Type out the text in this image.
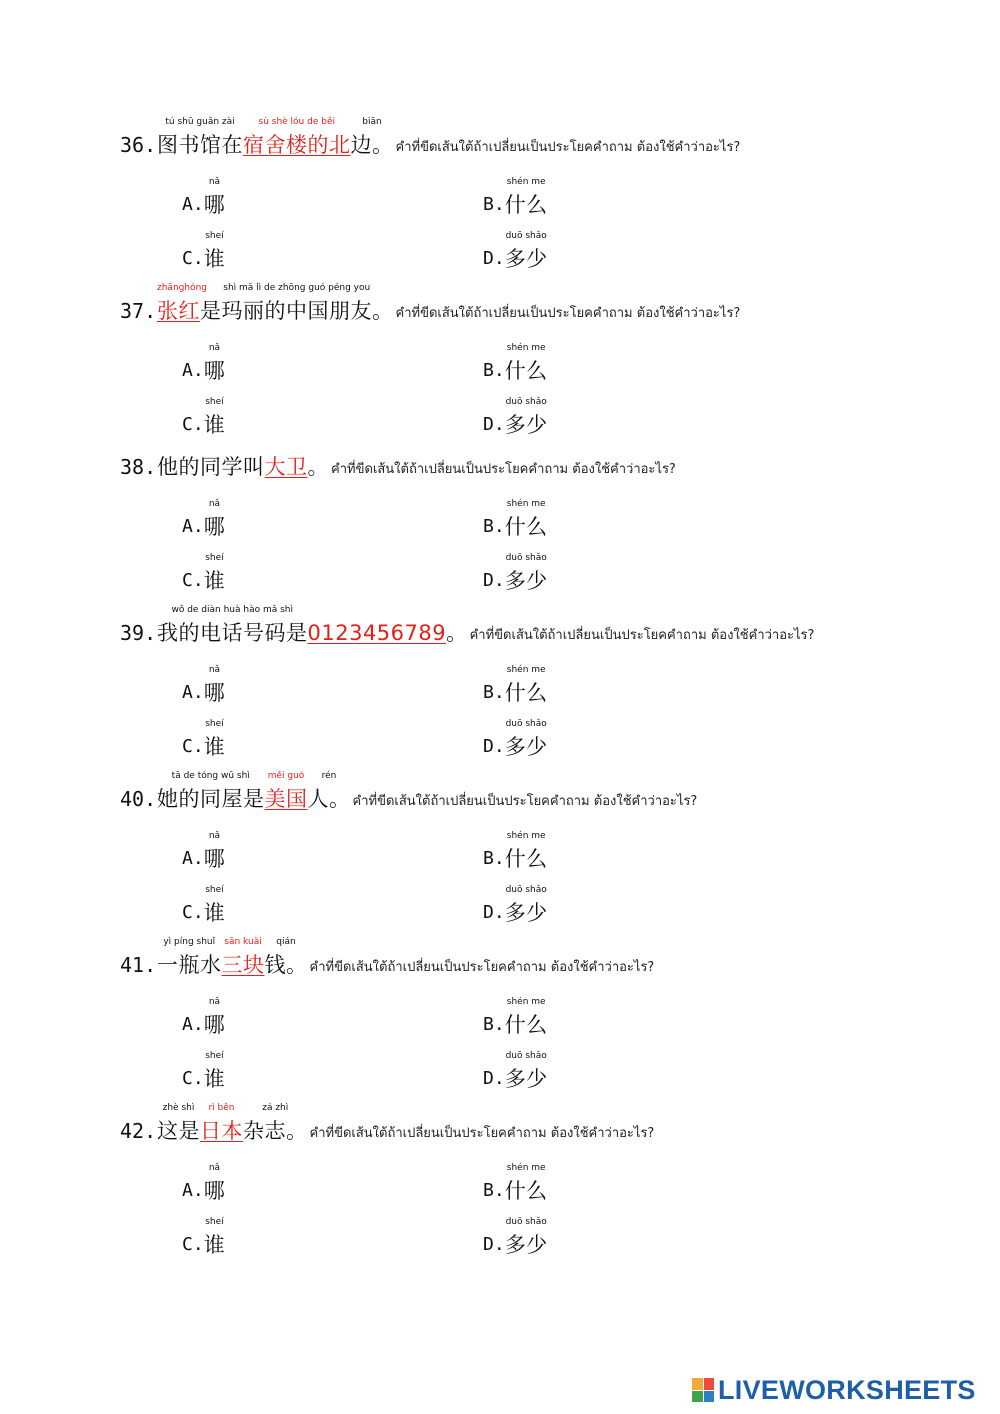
36.
tú shū guǎn zài
图书馆在
sù shè lóu de běi
宿舍楼的北
biān
边。 คำที่ขีดเส้นใต้ถ้าเปลี่ยนเป็นประโยคคำถาม ต้องใช้คำว่าอะไร?
A.
nǎ
哪	B.
shén me
什么
C.
sheí
谁	D.
duō shǎo
多少
37.
zhānghóng
张红
shì mǎ lì de zhōng guó péng you
是玛丽的中国朋友。 คำที่ขีดเส้นใต้ถ้าเปลี่ยนเป็นประโยคคำถาม ต้องใช้คำว่าอะไร?
A.
nǎ
哪	B.
shén me
什么
C.
sheí
谁	D.
duō shǎo
多少
38. 他的同学叫
大卫
。 คำที่ขีดเส้นใต้ถ้าเปลี่ยนเป็นประโยคคำถาม ต้องใช้คำว่าอะไร?
A.
nǎ
哪	B.
shén me
什么
C.
sheí
谁	D.
duō shǎo
多少
39.
wǒ de diàn huà hào mǎ shì
我的电话号码是
0123456789
。 คำที่ขีดเส้นใต้ถ้าเปลี่ยนเป็นประโยคคำถาม ต้องใช้คำว่าอะไร?
A.
nǎ
哪	B.
shén me
什么
C.
sheí
谁	D.
duō shǎo
多少
40.
tā de tóng wū shì
她的同屋是
měi guó
美国
rén
人。 คำที่ขีดเส้นใต้ถ้าเปลี่ยนเป็นประโยคคำถาม ต้องใช้คำว่าอะไร?
A.
nǎ
哪	B.
shén me
什么
C.
sheí
谁	D.
duō shǎo
多少
41.
yì píng shuǐ
一瓶水
sān kuài
三块
qián
钱。 คำที่ขีดเส้นใต้ถ้าเปลี่ยนเป็นประโยคคำถาม ต้องใช้คำว่าอะไร?
A.
nǎ
哪	B.
shén me
什么
C.
sheí
谁	D.
duō shǎo
多少
42.
zhè shì
这是
rì běn
日本
zá zhì
杂志。 คำที่ขีดเส้นใต้ถ้าเปลี่ยนเป็นประโยคคำถาม ต้องใช้คำว่าอะไร?
A.
nǎ
哪	B.
shén me
什么
C.
sheí
谁	D.
duō shǎo
多少
LIVEWORKSHEETS
